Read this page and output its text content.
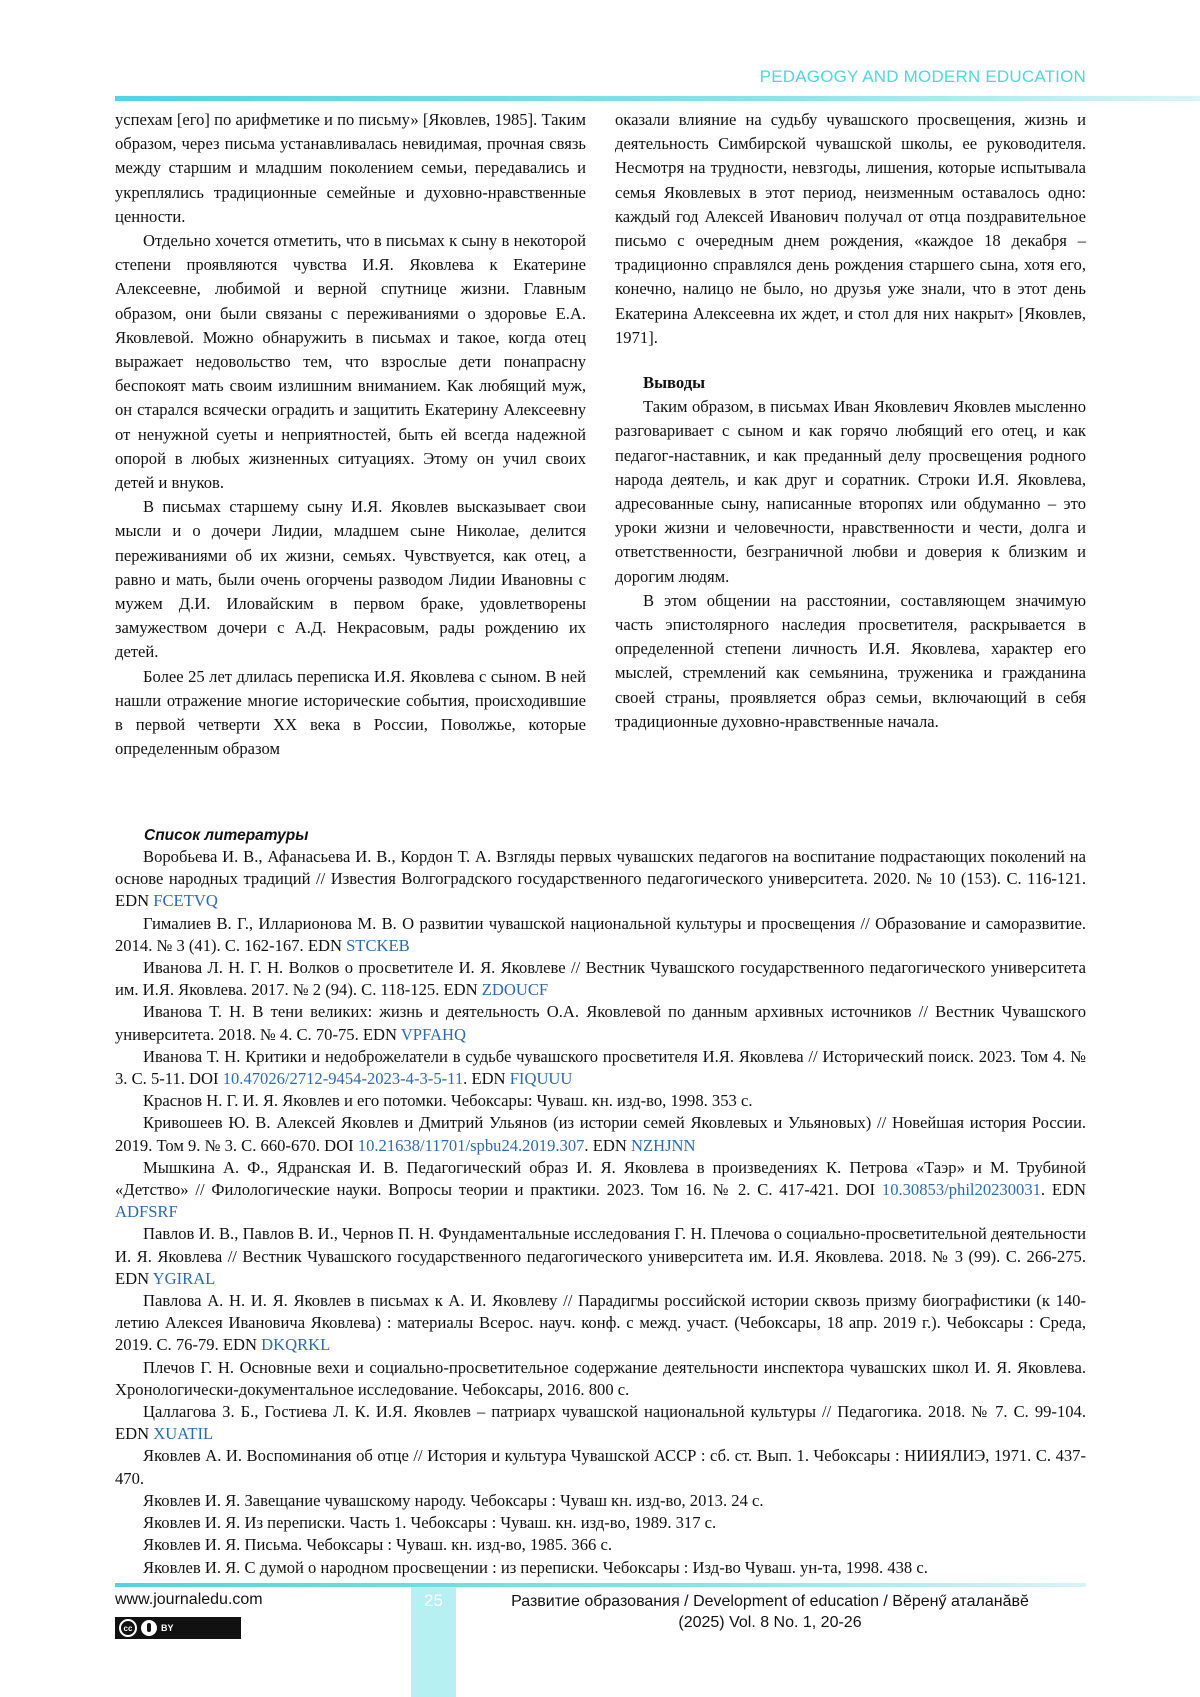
PEDAGOGY AND MODERN EDUCATION

успехам [его] по арифметике и по письму» [Яковлев, 1985]. Таким образом, через письма устанавливалась невидимая, прочная связь между старшим и младшим поколением семьи, передавались и укреплялись традиционные семейные и духовно-нравственные ценности.

Отдельно хочется отметить, что в письмах к сыну в некоторой степени проявляются чувства И.Я. Яковлева к Екатерине Алексеевне, любимой и верной спутнице жизни. Главным образом, они были связаны с переживаниями о здоровье Е.А. Яковлевой. Можно обнаружить в письмах и такое, когда отец выражает недовольство тем, что взрослые дети понапрасну беспокоят мать своим излишним вниманием. Как любящий муж, он старался всячески оградить и защитить Екатерину Алексеевну от ненужной суеты и неприятностей, быть ей всегда надежной опорой в любых жизненных ситуациях. Этому он учил своих детей и внуков.

В письмах старшему сыну И.Я. Яковлев высказывает свои мысли и о дочери Лидии, младшем сыне Николае, делится переживаниями об их жизни, семьях. Чувствуется, как отец, а равно и мать, были очень огорчены разводом Лидии Ивановны с мужем Д.И. Иловайским в первом браке, удовлетворены замужеством дочери с А.Д. Некрасовым, рады рождению их детей.

Более 25 лет длилась переписка И.Я. Яковлева с сыном. В ней нашли отражение многие исторические события, происходившие в первой четверти XX века в России, Поволжье, которые определенным образом

оказали влияние на судьбу чувашского просвещения, жизнь и деятельность Симбирской чувашской школы, ее руководителя. Несмотря на трудности, невзгоды, лишения, которые испытывала семья Яковлевых в этот период, неизменным оставалось одно: каждый год Алексей Иванович получал от отца поздравительное письмо с очередным днем рождения, «каждое 18 декабря – традиционно справлялся день рождения старшего сына, хотя его, конечно, налицо не было, но друзья уже знали, что в этот день Екатерина Алексеевна их ждет, и стол для них накрыт» [Яковлев, 1971].

Выводы

Таким образом, в письмах Иван Яковлевич Яковлев мысленно разговаривает с сыном и как горячо любящий его отец, и как педагог-наставник, и как преданный делу просвещения родного народа деятель, и как друг и соратник. Строки И.Я. Яковлева, адресованные сыну, написанные второпях или обдуманно – это уроки жизни и человечности, нравственности и чести, долга и ответственности, безграничной любви и доверия к близким и дорогим людям.

В этом общении на расстоянии, составляющем значимую часть эпистолярного наследия просветителя, раскрывается в определенной степени личность И.Я. Яковлева, характер его мыслей, стремлений как семьянина, труженика и гражданина своей страны, проявляется образ семьи, включающий в себя традиционные духовно-нравственные начала.

Список литературы

Воробьева И. В., Афанасьева И. В., Кордон Т. А. Взгляды первых чувашских педагогов на воспитание подрастающих поколений на основе народных традиций // Известия Волгоградского государственного педагогического университета. 2020. № 10 (153). С. 116-121. EDN FCETVQ

Гималиев В. Г., Илларионова М. В. О развитии чувашской национальной культуры и просвещения // Образование и саморазвитие. 2014. № 3 (41). С. 162-167. EDN STCKEB

Иванова Л. Н. Г. Н. Волков о просветителе И. Я. Яковлеве // Вестник Чувашского государственного педагогического университета им. И.Я. Яковлева. 2017. № 2 (94). С. 118-125. EDN ZDOUCF

Иванова Т. Н. В тени великих: жизнь и деятельность О.А. Яковлевой по данным архивных источников // Вестник Чувашского университета. 2018. № 4. С. 70-75. EDN VPFAHQ

Иванова Т. Н. Критики и недоброжелатели в судьбе чувашского просветителя И.Я. Яковлева // Исторический поиск. 2023. Том 4. № 3. С. 5-11. DOI 10.47026/2712-9454-2023-4-3-5-11. EDN FIQUUU

Краснов Н. Г. И. Я. Яковлев и его потомки. Чебоксары: Чуваш. кн. изд-во, 1998. 353 с.

Кривошеев Ю. В. Алексей Яковлев и Дмитрий Ульянов (из истории семей Яковлевых и Ульяновых) // Новейшая история России. 2019. Том 9. № 3. С. 660-670. DOI 10.21638/11701/spbu24.2019.307. EDN NZHJNN

Мышкина А. Ф., Ядранская И. В. Педагогический образ И. Я. Яковлева в произведениях К. Петрова «Таэр» и М. Трубиной «Детство» // Филологические науки. Вопросы теории и практики. 2023. Том 16. № 2. С. 417-421. DOI 10.30853/phil20230031. EDN ADFSRF

Павлов И. В., Павлов В. И., Чернов П. Н. Фундаментальные исследования Г. Н. Плечова о социально-просветительной деятельности И. Я. Яковлева // Вестник Чувашского государственного педагогического университета им. И.Я. Яковлева. 2018. № 3 (99). С. 266-275. EDN YGIRAL

Павлова А. Н. И. Я. Яковлев в письмах к А. И. Яковлеву // Парадигмы российской истории сквозь призму биографистики (к 140-летию Алексея Ивановича Яковлева) : материалы Всерос. науч. конф. с межд. участ. (Чебоксары, 18 апр. 2019 г.). Чебоксары : Среда, 2019. С. 76-79. EDN DKQRKL

Плечов Г. Н. Основные вехи и социально-просветительное содержание деятельности инспектора чувашских школ И. Я. Яковлева. Хронологически-документальное исследование. Чебоксары, 2016. 800 с.

Цаллагова З. Б., Гостиева Л. К. И.Я. Яковлев – патриарх чувашской национальной культуры // Педагогика. 2018. № 7. С. 99-104. EDN XUATIL

Яковлев А. И. Воспоминания об отце // История и культура Чувашской АССР : сб. ст. Вып. 1. Чебоксары : НИИЯЛИЭ, 1971. С. 437-470.

Яковлев И. Я. Завещание чувашскому народу. Чебоксары : Чуваш кн. изд-во, 2013. 24 с.

Яковлев И. Я. Из переписки. Часть 1. Чебоксары : Чуваш. кн. изд-во, 1989. 317 с.

Яковлев И. Я. Письма. Чебоксары : Чуваш. кн. изд-во, 1985. 366 с.

Яковлев И. Я. С думой о народном просвещении : из переписки. Чебоксары : Изд-во Чуваш. ун-та, 1998. 438 с.

25
www.journaledu.com
cc	BY
Развитие образования / Development of education / Вĕренӳ аталанăвĕ
(2025) Vol. 8 No. 1, 20-26
